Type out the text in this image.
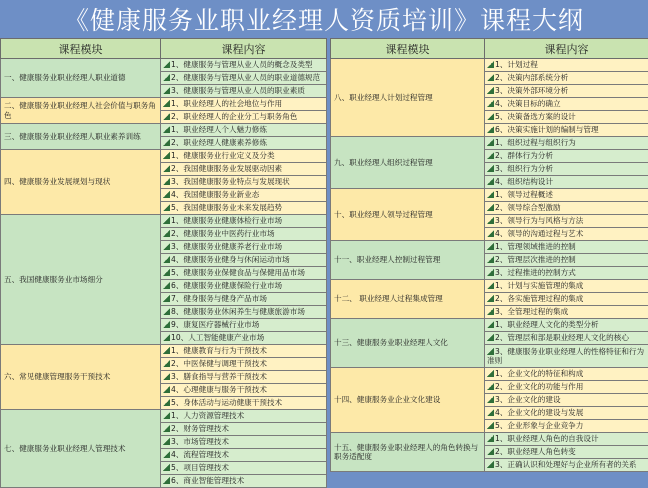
《健康服务业职业经理人资质培训》课程大纲
课程模块	课程内容
一、健康服务业职业经理人职业道德	1、健康服务与管理从业人员的概念及类型
	2、健康服务与管理从业人员的职业道德规范
	3、健康服务与管理从业人员的职业素质
二、健康服务业职业经理人社会价值与职务角色	1、职业经理人的社会地位与作用
	2、职业经理人的企业分工与职务角色
三、健康服务业职业经理人职业素养训练	1、职业经理人个人魅力修炼
	2、职业经理人健康素养修炼
四、健康服务业发展规划与现状	1、健康服务业行业定义及分类
	2、我国健康服务业发展驱动因素
	3、我国健康服务业特点与发展现状
	4、我国健康服务业新业态
	5、我国健康服务业未来发展趋势
五、我国健康服务业市场细分	1、健康服务业健康体检行业市场
	2、健康服务业中医药行业市场
	3、健康服务业健康养老行业市场
	4、健康服务业健身与休闲运动市场
	5、健康服务业保健食品与保健用品市场
	6、健康服务业健康保险行业市场
	7、健身服务与健身产品市场
	8、健康服务业休闲养生与健康旅游市场
	9、康复医疗器械行业市场
	10、人工智能健康产业市场
六、常见健康管理服务干预技术	1、健康教育与行为干预技术
	2、中医保健与调理干预技术
	3、膳食指导与营养干预技术
	4、心理健康与服务干预技术
	5、身体活动与运动健康干预技术
七、健康服务业职业经理人管理技术	1、人力资源管理技术
	2、财务管理技术
	3、市场管理技术
	4、流程管理技术
	5、项目管理技术
	6、商业智能管理技术
课程模块	课程内容
八、职业经理人计划过程管理	1、计划过程
	2、决策内部系统分析
	3、决策外部环境分析
	4、决策目标的确立
	5、决策备选方案的设计
	6、决策实施计划的编制与管理
九、职业经理人组织过程管理	1、组织过程与组织行为
	2、群体行为分析
	3、组织行为分析
	4、组织结构设计
十、职业经理人领导过程管理	1、领导过程概述
	2、领导综合型激励
	3、领导行为与风格与方法
	4、领导的沟通过程与艺术
十一、职业经理人控制过程管理	1、管理领域推进的控制
	2、管理层次推进的控制
	3、过程推进的控制方式
十二、 职业经理人过程集成管理	1、计划与实施管理的集成
	2、各实施管理过程的集成
	3、全管理过程的集成
十三、健康服务业职业经理人文化	1、职业经理人文化的类型分析
	2、管理层和部是职业经理人文化的核心
	3、健康服务业职业经理人的性格特征和行为准则
十四、健康服务业企业文化建设	1、企业文化的特征和构成
	2、企业文化的功能与作用
	3、企业文化的建设
	4、企业文化的建设与发展
	5、企业形象与企业竞争力
十五、健康服务业职业经理人的角色转换与职务适配度	1、职业经理人角色的自我设计
	2、职业经理人角色转变
	3、正确认识和处理好与企业所有者的关系
